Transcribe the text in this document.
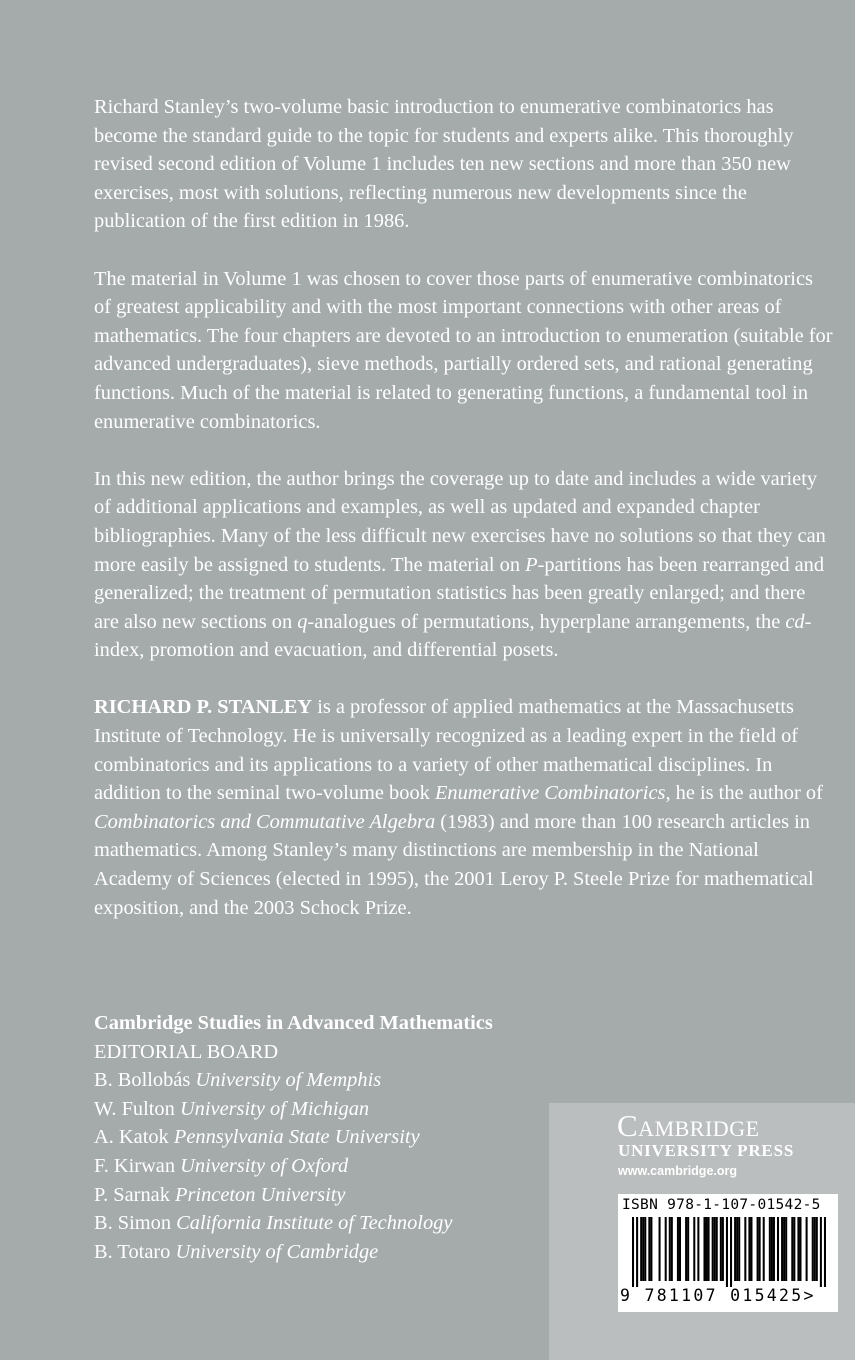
Richard Stanley’s two-volume basic introduction to enumerative combinatorics has become the standard guide to the topic for students and experts alike. This thoroughly revised second edition of Volume 1 includes ten new sections and more than 350 new exercises, most with solutions, reflecting numerous new developments since the publication of the first edition in 1986.

The material in Volume 1 was chosen to cover those parts of enumerative combinatorics of greatest applicability and with the most important connections with other areas of mathematics. The four chapters are devoted to an introduction to enumeration (suitable for advanced undergraduates), sieve methods, partially ordered sets, and rational generating functions. Much of the material is related to generating functions, a fundamental tool in enumerative combinatorics.

In this new edition, the author brings the coverage up to date and includes a wide variety of additional applications and examples, as well as updated and expanded chapter bibliographies. Many of the less difficult new exercises have no solutions so that they can more easily be assigned to students. The material on P-partitions has been rearranged and generalized; the treatment of permutation statistics has been greatly enlarged; and there are also new sections on q-analogues of permutations, hyperplane arrangements, the cd-index, promotion and evacuation, and differential posets.

RICHARD P. STANLEY is a professor of applied mathematics at the Massachusetts Institute of Technology. He is universally recognized as a leading expert in the field of combinatorics and its applications to a variety of other mathematical disciplines. In addition to the seminal two-volume book Enumerative Combinatorics, he is the author of Combinatorics and Commutative Algebra (1983) and more than 100 research articles in mathematics. Among Stanley’s many distinctions are membership in the National Academy of Sciences (elected in 1995), the 2001 Leroy P. Steele Prize for mathematical exposition, and the 2003 Schock Prize.

Cambridge Studies in Advanced Mathematics
EDITORIAL BOARD
B. Bollobás University of Memphis
W. Fulton University of Michigan
A. Katok Pennsylvania State University
F. Kirwan University of Oxford
P. Sarnak Princeton University
B. Simon California Institute of Technology
B. Totaro University of Cambridge
Cambridge
UNIVERSITY PRESS
www.cambridge.org
ISBN 978-1-107-01542-5
9 781107 015425>
